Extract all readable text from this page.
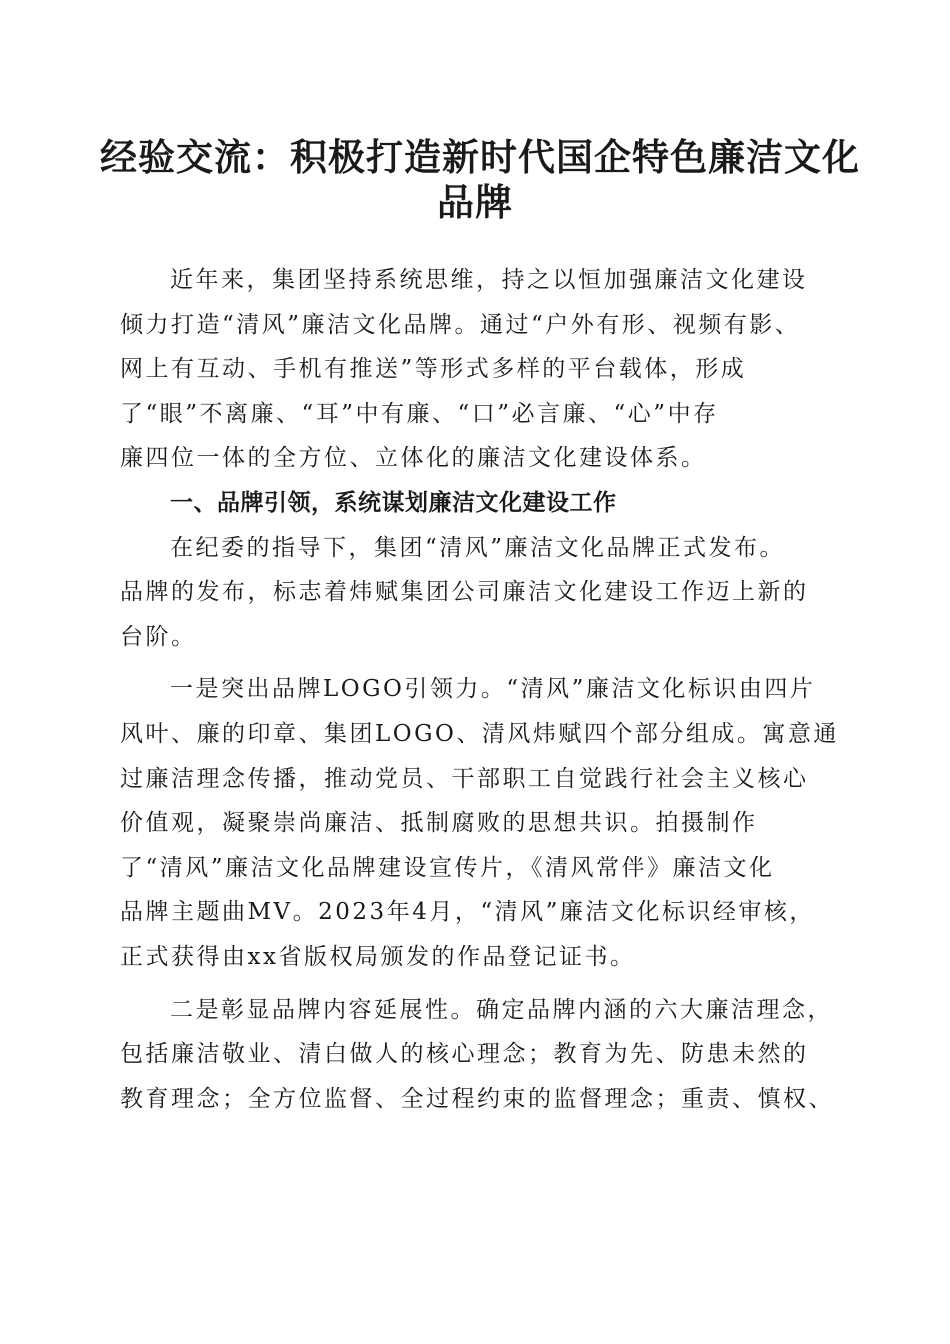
经验交流：积极打造新时代国企特色廉洁文化
品牌

近年来，集团坚持系统思维，持之以恒加强廉洁文化建设
倾力打造“清风”廉洁文化品牌。通过“户外有形、视频有影、
网上有互动、手机有推送”等形式多样的平台载体，形成
了“眼”不离廉、“耳”中有廉、“口”必言廉、“心”中存
廉四位一体的全方位、立体化的廉洁文化建设体系。

一、品牌引领，系统谋划廉洁文化建设工作

在纪委的指导下，集团“清风”廉洁文化品牌正式发布。
品牌的发布，标志着炜赋集团公司廉洁文化建设工作迈上新的
台阶。

一是突出品牌LOGO引领力。“清风”廉洁文化标识由四片
风叶、廉的印章、集团LOGO、清风炜赋四个部分组成。寓意通
过廉洁理念传播，推动党员、干部职工自觉践行社会主义核心
价值观，凝聚崇尚廉洁、抵制腐败的思想共识。拍摄制作
了“清风”廉洁文化品牌建设宣传片，《清风常伴》廉洁文化
品牌主题曲MV。2023年4月，“清风”廉洁文化标识经审核，
正式获得由xx省版权局颁发的作品登记证书。

二是彰显品牌内容延展性。确定品牌内涵的六大廉洁理念，
包括廉洁敬业、清白做人的核心理念；教育为先、防患未然的
教育理念；全方位监督、全过程约束的监督理念；重责、慎权、
